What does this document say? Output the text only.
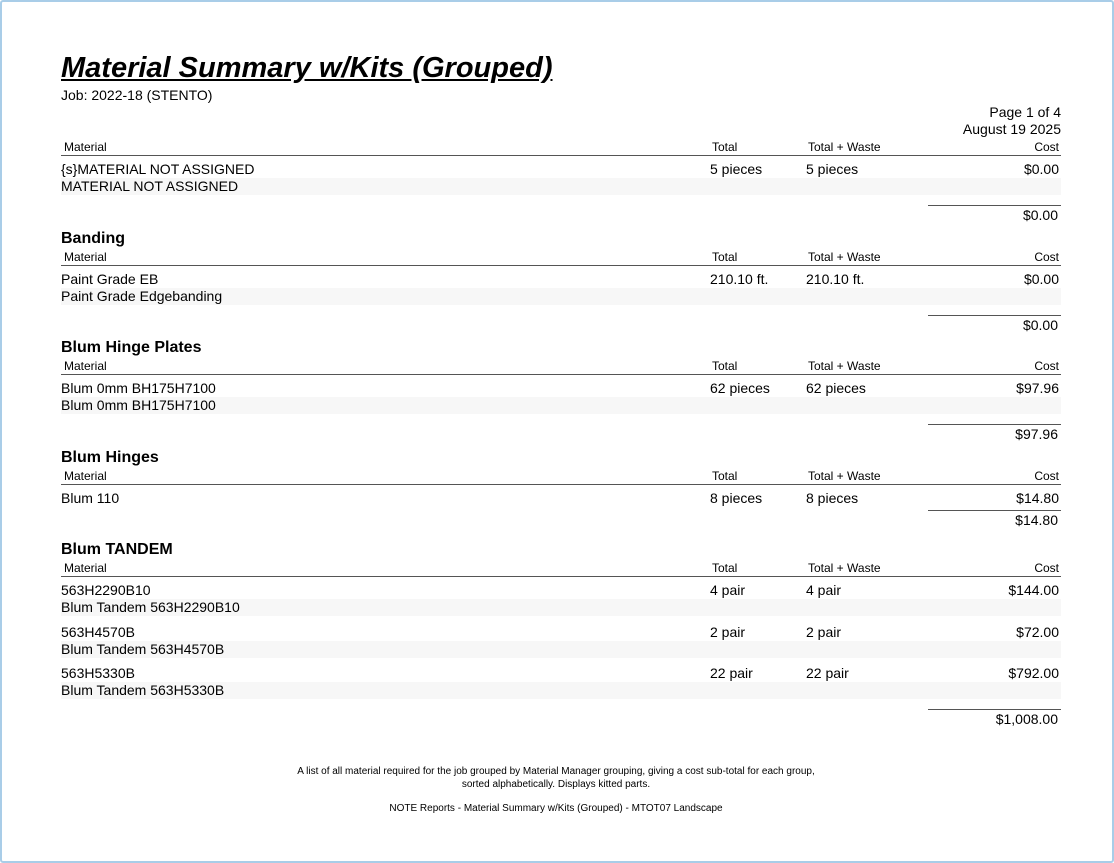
Material Summary w/Kits (Grouped)
Job: 2022-18 (STENTO)
Page 1 of 4
August 19 2025
Material	Total	Total + Waste	Cost
{s}MATERIAL NOT ASSIGNED	5 pieces	5 pieces	$0.00
MATERIAL NOT ASSIGNED
$0.00
Banding
Material	Total	Total + Waste	Cost
Paint Grade EB	210.10 ft.	210.10 ft.	$0.00
Paint Grade Edgebanding
$0.00
Blum Hinge Plates
Material	Total	Total + Waste	Cost
Blum 0mm BH175H7100	62 pieces	62 pieces	$97.96
Blum 0mm BH175H7100
$97.96
Blum Hinges
Material	Total	Total + Waste	Cost
Blum 110	8 pieces	8 pieces	$14.80
$14.80
Blum TANDEM
Material	Total	Total + Waste	Cost
563H2290B10	4 pair	4 pair	$144.00
Blum Tandem 563H2290B10
563H4570B	2 pair	2 pair	$72.00
Blum Tandem 563H4570B
563H5330B	22 pair	22 pair	$792.00
Blum Tandem 563H5330B
$1,008.00
A list of all material required for the job grouped by Material Manager grouping, giving a cost sub-total for each group, sorted alphabetically. Displays kitted parts.
NOTE Reports - Material Summary w/Kits (Grouped) - MTOT07 Landscape
